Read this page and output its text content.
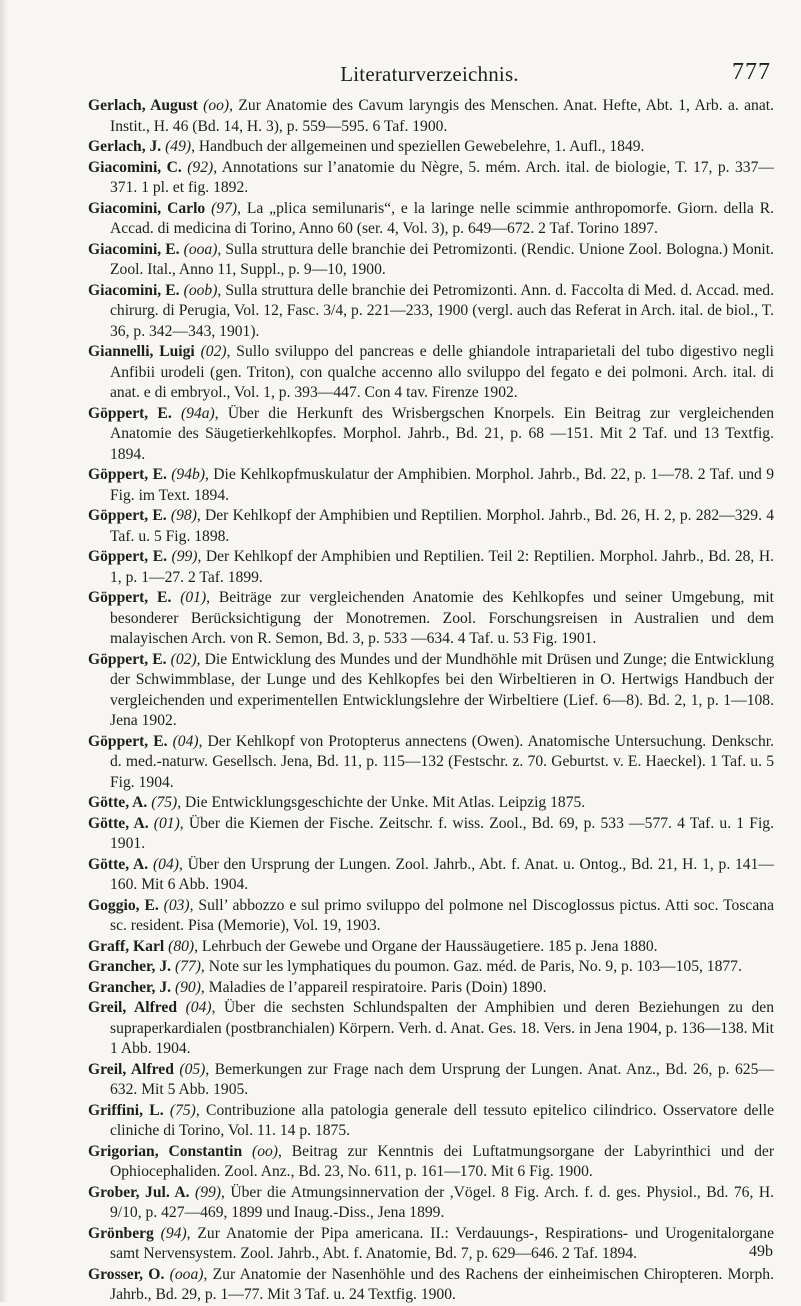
Literaturverzeichnis.	777

Gerlach, August (oo), Zur Anatomie des Cavum laryngis des Menschen. Anat. Hefte, Abt. 1, Arb. a. anat. Instit., H. 46 (Bd. 14, H. 3), p. 559—595. 6 Taf. 1900.

Gerlach, J. (49), Handbuch der allgemeinen und speziellen Gewebelehre, 1. Aufl., 1849.

Giacomini, C. (92), Annotations sur l’anatomie du Nègre, 5. mém. Arch. ital. de biologie, T. 17, p. 337—371. 1 pl. et fig. 1892.

Giacomini, Carlo (97), La „plica semilunaris“, e la laringe nelle scimmie anthropomorfe. Giorn. della R. Accad. di medicina di Torino, Anno 60 (ser. 4, Vol. 3), p. 649—672. 2 Taf. Torino 1897.

Giacomini, E. (ooa), Sulla struttura delle branchie dei Petromizonti. (Rendic. Unione Zool. Bologna.) Monit. Zool. Ital., Anno 11, Suppl., p. 9—10, 1900.

Giacomini, E. (oob), Sulla struttura delle branchie dei Petromizonti. Ann. d. Faccolta di Med. d. Accad. med. chirurg. di Perugia, Vol. 12, Fasc. 3/4, p. 221—233, 1900 (vergl. auch das Referat in Arch. ital. de biol., T. 36, p. 342—343, 1901).

Giannelli, Luigi (02), Sullo sviluppo del pancreas e delle ghiandole intraparietali del tubo digestivo negli Anfibii urodeli (gen. Triton), con qualche accenno allo sviluppo del fegato e dei polmoni. Arch. ital. di anat. e di embryol., Vol. 1, p. 393—447. Con 4 tav. Firenze 1902.

Göppert, E. (94a), Über die Herkunft des Wrisbergschen Knorpels. Ein Beitrag zur vergleichenden Anatomie des Säugetierkehlkopfes. Morphol. Jahrb., Bd. 21, p. 68 —151. Mit 2 Taf. und 13 Textfig. 1894.

Göppert, E. (94b), Die Kehlkopfmuskulatur der Amphibien. Morphol. Jahrb., Bd. 22, p. 1—78. 2 Taf. und 9 Fig. im Text. 1894.

Göppert, E. (98), Der Kehlkopf der Amphibien und Reptilien. Morphol. Jahrb., Bd. 26, H. 2, p. 282—329. 4 Taf. u. 5 Fig. 1898.

Göppert, E. (99), Der Kehlkopf der Amphibien und Reptilien. Teil 2: Reptilien. Morphol. Jahrb., Bd. 28, H. 1, p. 1—27. 2 Taf. 1899.

Göppert, E. (01), Beiträge zur vergleichenden Anatomie des Kehlkopfes und seiner Umgebung, mit besonderer Berücksichtigung der Monotremen. Zool. Forschungsreisen in Australien und dem malayischen Arch. von R. Semon, Bd. 3, p. 533 —634. 4 Taf. u. 53 Fig. 1901.

Göppert, E. (02), Die Entwicklung des Mundes und der Mundhöhle mit Drüsen und Zunge; die Entwicklung der Schwimmblase, der Lunge und des Kehlkopfes bei den Wirbeltieren in O. Hertwigs Handbuch der vergleichenden und experimentellen Entwicklungslehre der Wirbeltiere (Lief. 6—8). Bd. 2, 1, p. 1—108. Jena 1902.

Göppert, E. (04), Der Kehlkopf von Protopterus annectens (Owen). Anatomische Untersuchung. Denkschr. d. med.-naturw. Gesellsch. Jena, Bd. 11, p. 115—132 (Festschr. z. 70. Geburtst. v. E. Haeckel). 1 Taf. u. 5 Fig. 1904.

Götte, A. (75), Die Entwicklungsgeschichte der Unke. Mit Atlas. Leipzig 1875.

Götte, A. (01), Über die Kiemen der Fische. Zeitschr. f. wiss. Zool., Bd. 69, p. 533 —577. 4 Taf. u. 1 Fig. 1901.

Götte, A. (04), Über den Ursprung der Lungen. Zool. Jahrb., Abt. f. Anat. u. Ontog., Bd. 21, H. 1, p. 141—160. Mit 6 Abb. 1904.

Goggio, E. (03), Sull’ abbozzo e sul primo sviluppo del polmone nel Discoglossus pictus. Atti soc. Toscana sc. resident. Pisa (Memorie), Vol. 19, 1903.

Graff, Karl (80), Lehrbuch der Gewebe und Organe der Haussäugetiere. 185 p. Jena 1880.

Grancher, J. (77), Note sur les lymphatiques du poumon. Gaz. méd. de Paris, No. 9, p. 103—105, 1877.

Grancher, J. (90), Maladies de l’appareil respiratoire. Paris (Doin) 1890.

Greil, Alfred (04), Über die sechsten Schlundspalten der Amphibien und deren Beziehungen zu den supraperkardialen (postbranchialen) Körpern. Verh. d. Anat. Ges. 18. Vers. in Jena 1904, p. 136—138. Mit 1 Abb. 1904.

Greil, Alfred (05), Bemerkungen zur Frage nach dem Ursprung der Lungen. Anat. Anz., Bd. 26, p. 625—632. Mit 5 Abb. 1905.

Griffini, L. (75), Contribuzione alla patologia generale dell tessuto epitelico cilindrico. Osservatore delle cliniche di Torino, Vol. 11. 14 p. 1875.

Grigorian, Constantin (oo), Beitrag zur Kenntnis dei Luftatmungsorgane der Labyrinthici und der Ophiocephaliden. Zool. Anz., Bd. 23, No. 611, p. 161—170. Mit 6 Fig. 1900.

Grober, Jul. A. (99), Über die Atmungsinnervation der ,Vögel. 8 Fig. Arch. f. d. ges. Physiol., Bd. 76, H. 9/10, p. 427—469, 1899 und Inaug.-Diss., Jena 1899.

Grönberg (94), Zur Anatomie der Pipa americana. II.: Verdauungs-, Respirations- und Urogenitalorgane samt Nervensystem. Zool. Jahrb., Abt. f. Anatomie, Bd. 7, p. 629—646. 2 Taf. 1894.

Grosser, O. (ooa), Zur Anatomie der Nasenhöhle und des Rachens der einheimischen Chiropteren. Morph. Jahrb., Bd. 29, p. 1—77. Mit 3 Taf. u. 24 Textfig. 1900.

49b
